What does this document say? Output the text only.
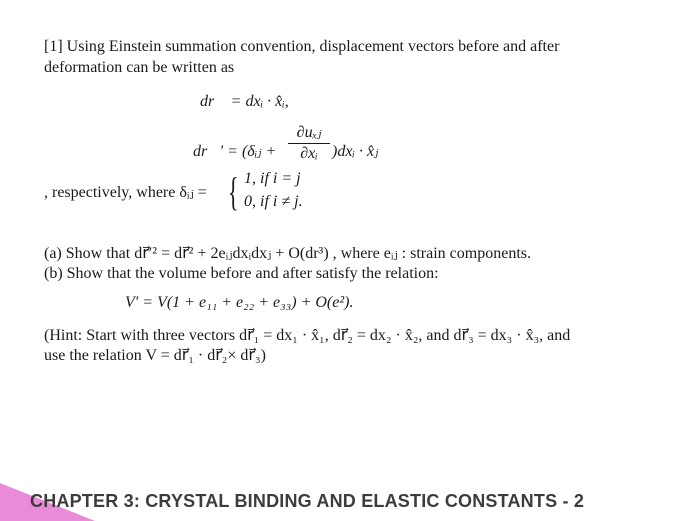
[1] Using Einstein summation convention, displacement vectors before and after
deformation can be written as
dr⃗ = dxᵢ · x̂ᵢ,
dr⃗′ = (δᵢⱼ +
∂uₓⱼ
∂xᵢ )dxᵢ · x̂ⱼ
, respectively, where δᵢⱼ = { 1, if i = j
0, if i ≠ j.
(a) Show that dr⃗′² = dr⃗² + 2eᵢⱼdxᵢdxⱼ + O(dr³) , where eᵢⱼ : strain components.
(b) Show that the volume before and after satisfy the relation:
V′ = V(1 + e₁₁ + e₂₂ + e₃₃) + O(e²).
(Hint: Start with three vectors dr⃗₁ = dx₁ · x̂₁, dr⃗₂ = dx₂ · x̂₂, and dr⃗₃ = dx₃ · x̂₃, and
use the relation V = dr⃗₁ · dr⃗₂× dr⃗₃)
CHAPTER 3: CRYSTAL BINDING AND ELASTIC CONSTANTS - 2
